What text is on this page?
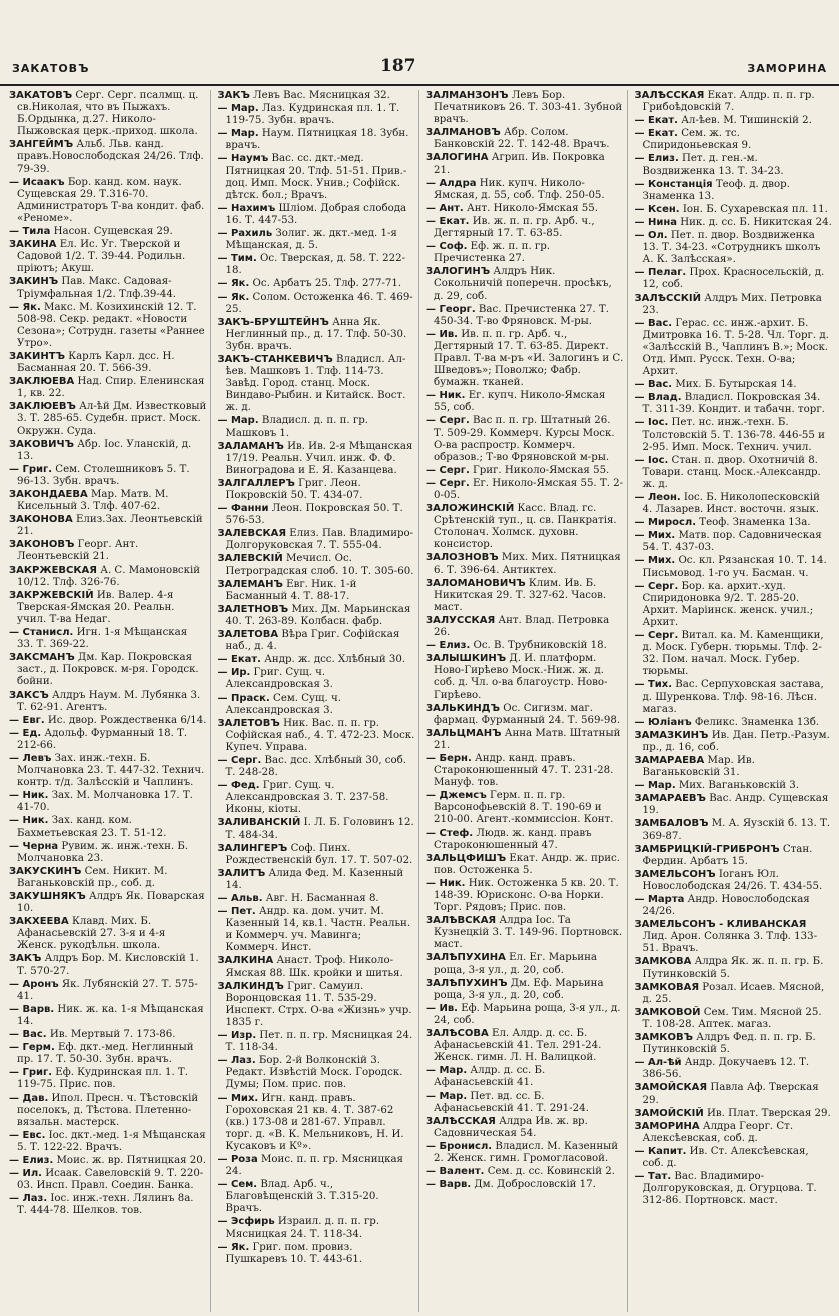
ЗАКАТОВЪ	187	ЗАМОРИНА
ЗАКАТОВЪ Серг. Серг. псалмщ. ц. св.Николая, что въ Пыжахъ. Б.Ордынка, д.27. Николо-Пыжовская церк.-приход. школа.
ЗАНГЕЙМЪ Альб. Льв. канд. правъ.Новослободская 24/26. Тлф. 79-39.
— Исаакъ Бор. канд. ком. наук. Сущевская 29. Т.316-70. Администраторъ Т-ва кондит. фаб. «Реноме».
— Тила Насон. Сущевская 29.
ЗАКИНА Ел. Ис. Уг. Тверской и Садовой 1/2. Т. 39-44. Родильн. пріютъ; Акуш.
ЗАКИНЪ Пав. Макс. Садовая-Тріумфальная 1/2. Тлф.39-44.
— Як. Макс. М. Козихинскій 12. Т. 508-98. Секр. редакт. «Новости Сезона»; Сотрудн. газеты «Раннее Утро».
ЗАКИНТЪ Карлъ Карл. дсс. Н. Басманная 20. Т. 566-39.
ЗАКЛЮЕВА Над. Спир. Еленинская 1, кв. 22.
ЗАКЛЮЕВЪ Ал-ѣй Дм. Известковый 3. Т. 285-65. Судебн. прист. Моск. Окружн. Суда.
ЗАКОВИЧЪ Абр. Іос. Уланскій, д. 13.
— Григ. Сем. Столешниковъ 5. Т. 96-13. Зубн. врачъ.
ЗАКОНДАЕВА Мар. Матв. М. Кисельный 3. Тлф. 407-62.
ЗАКОНОВА Елиз.Зах. Леонтьевскій 21.
ЗАКОНОВЪ Георг. Ант. Леонтьевскій 21.
ЗАКРЖЕВСКАЯ А. С. Мамоновскій 10/12. Тлф. 326-76.
ЗАКРЖЕВСКІЙ Ив. Валер. 4-я Тверская-Ямская 20. Реальн. учил. Т-ва Недаг.
— Станисл. Игн. 1-я Мѣщанская 33. Т. 369-22.
ЗАКСМАНЪ Дм. Кар. Покровская заст., д. Покровск. м-ря. Городск. бойни.
ЗАКСЪ Алдръ Наум. М. Лубянка 3. Т. 62-91. Агентъ.
— Евг. Ис. двор. Рождественка 6/14.
— Ед. Адольф. Фурманный 18. Т. 212-66.
— Левъ Зах. инж.-техн. Б. Молчановка 23. Т. 447-32. Технич. контр. т/д. Залѣсскій и Чаплинъ.
— Ник. Зах. М. Молчановка 17. Т. 41-70.
— Ник. Зах. канд. ком. Бахметьевская 23. Т. 51-12.
— Черна Рувим. ж. инж.-техн. Б. Молчановка 23.
ЗАКУСКИНЪ Сем. Никит. М. Ваганьковскій пр., соб. д.
ЗАКУШНЯКЪ Алдръ Як. Поварская 10.
ЗАКХЕЕВА Клавд. Мих. Б. Афанасьевскій 27. З-я и 4-я Женск. рукодѣльн. школа.
ЗАКЪ Алдръ Бор. М. Кисловскій 1. Т. 570-27.
— Аронъ Як. Лубянскій 27. Т. 575-41.
— Варв. Ник. ж. ка. 1-я Мѣщанская 14.
— Вас. Ив. Мертвый 7. 173-86.
— Герм. Еф. дкт.-мед. Неглинный пр. 17. Т. 50-30. Зубн. врачъ.
— Григ. Еф. Кудринская пл. 1. Т. 119-75. Прис. пов.
— Дав. Ипол. Пресн. ч. Тѣстовскій поселокъ, д. Тѣстова. Плетенно-вязальн. мастерск.
— Евс. Іос. дкт.-мед. 1-я Мѣщанская 5. Т. 122-22. Врачъ.
— Елиз. Моис. ж. вр. Пятницкая 20.
— Ил. Исаак. Савеловскій 9. Т. 220-03. Инсп. Правл. Соедин. Банка.
— Лаз. Іос. инж.-техн. Лялинъ 8а. Т. 444-78. Шелков. тов.
ЗАКЪ Левъ Вас. Мясницкая 32.
— Мар. Лаз. Кудринская пл. 1. Т. 119-75. Зубн. врачъ.
— Мар. Наум. Пятницкая 18. Зубн. врачъ.
— Наумъ Вас. сс. дкт.-мед. Пятницкая 20. Тлф. 51-51. Прив.-доц. Имп. Моск. Унив.; Софійск. дѣтск. бол.; Врачъ.
— Нахимъ Шліом. Добрая слобода 16. Т. 447-53.
— Рахиль Золиг. ж. дкт.-мед. 1-я Мѣщанская, д. 5.
— Тим. Ос. Тверская, д. 58. Т. 222-18.
— Як. Ос. Арбатъ 25. Тлф. 277-71.
— Як. Солом. Остоженка 46. Т. 469-25.
ЗАКЪ-БРУШТЕЙНЪ Анна Як. Неглинный пр., д. 17. Тлф. 50-30. Зубн. врачъ.
ЗАКЪ-СТАНКЕВИЧЪ Владисл. Ал-ѣев. Машковъ 1. Тлф. 114-73. Завѣд. Город. станц. Моск. Виндаво-Рыбин. и Китайск. Вост. ж. д.
— Мар. Владисл. д. п. п. гр. Машковъ 1.
ЗАЛАМАНЪ Ив. Ив. 2-я Мѣщанская 17/19. Реальн. Учил. инж. Ф. Ф. Виноградова и Е. Я. Казанцева.
ЗАЛГАЛЛЕРЪ Григ. Леон. Покровскій 50. Т. 434-07.
— Фанни Леон. Покровская 50. Т. 576-53.
ЗАЛЕВСКАЯ Елиз. Пав. Владимиро-Долгоруковская 7. Т. 555-04.
ЗАЛЕВСКІЙ Мечисл. Ос. Петроградская слоб. 10. Т. 305-60.
ЗАЛЕМАНЪ Евг. Ник. 1-й Басманный 4. Т. 88-17.
ЗАЛЕТНОВЪ Мих. Дм. Марьинская 40. Т. 263-89. Колбасн. фабр.
ЗАЛЕТОВА Вѣра Григ. Софійская наб., д. 4.
— Екат. Андр. ж. дсс. Хлѣбный 30.
— Ир. Григ. Сущ. ч. Александровская 3.
— Праск. Сем. Сущ. ч. Александровская 3.
ЗАЛЕТОВЪ Ник. Вас. п. п. гр. Софійская наб., 4. Т. 472-23. Моск. Купеч. Управа.
— Серг. Вас. дсс. Хлѣбный 30, соб. Т. 248-28.
— Фед. Григ. Сущ. ч. Александровская 3. Т. 237-58. Иконы, кіоты.
ЗАЛИВАНСКІЙ І. Л. Б. Головинъ 12. Т. 484-34.
ЗАЛИНГЕРЪ Соф. Пинх. Рождественскій бул. 17. Т. 507-02.
ЗАЛИТЪ Алида Фед. М. Казенный 14.
— Альв. Авг. Н. Басманная 8.
— Пет. Андр. ка. дом. учит. М. Казенный 14, кв.1. Частн. Реальн. и Коммерч. уч. Мавинга; Коммерч. Инст.
ЗАЛКИНА Анаст. Троф. Николо-Ямская 88. Шк. кройки и шитья.
ЗАЛКИНДЪ Григ. Самуил. Воронцовская 11. Т. 535-29. Инспект. Стрх. О-ва «Жизнь» учр. 1835 г.
— Изр. Пет. п. п. гр. Мясницкая 24. Т. 118-34.
— Лаз. Бор. 2-й Волконскій 3. Редакт. Извѣстій Моск. Городск. Думы; Пом. прис. пов.
— Мих. Игн. канд. правъ. Гороховская 21 кв. 4. Т. 387-62 (кв.) 173-08 и 281-67. Управл. торг. д. «В. К. Мельниковъ, Н. И. Кусаковъ и Кº».
— Роза Моис. п. п. гр. Мясницкая 24.
— Сем. Влад. Арб. ч., Благовѣщенскій 3. Т.315-20. Врачъ.
— Эсфирь Израил. д. п. п. гр. Мясницкая 24. Т. 118-34.
— Як. Григ. пом. провиз. Пушкаревъ 10. Т. 443-61.
ЗАЛМАНЗОНЪ Левъ Бор. Печатниковъ 26. Т. 303-41. Зубной врачъ.
ЗАЛМАНОВЪ Абр. Солом. Банковскій 22. Т. 142-48. Врачъ.
ЗАЛОГИНА Агрип. Ив. Покровка 21.
— Алдра Ник. купч. Николо-Ямская, д. 55, соб. Тлф. 250-05.
— Ант. Ант. Николо-Ямская 55.
— Екат. Ив. ж. п. п. гр. Арб. ч., Дегтярный 17. Т. 63-85.
— Соф. Еф. ж. п. п. гр. Пречистенка 27.
ЗАЛОГИНЪ Алдръ Ник. Сокольничій поперечн. просѣкъ, д. 29, соб.
— Георг. Вас. Пречистенка 27. Т. 450-34. Т-во Фряновск. М-ры.
— Ив. Ив. п. п. гр. Арб. ч., Дегтярный 17. Т. 63-85. Директ. Правл. Т-ва м-ръ «И. Залогинъ и С. Шведовъ»; Поволжо; Фабр. бумажн. тканей.
— Ник. Ег. купч. Николо-Ямская 55, соб.
— Серг. Вас п. п. гр. Штатный 26. Т. 509-29. Коммерч. Курсы Моск. О-ва распростр. Коммерч. образов.; Т-во Фряновской м-ры.
— Серг. Григ. Николо-Ямская 55.
— Серг. Ег. Николо-Ямская 55. Т. 2-0-05.
ЗАЛОЖИНСКІЙ Касс. Влад. гс. Срѣтенскій туп., ц. св. Панкратія. Столонач. Холмск. духовн. консистор.
ЗАЛОЗНОВЪ Мих. Мих. Пятницкая 6. Т. 396-64. Антиктех.
ЗАЛОМАНОВИЧЪ Клим. Ив. Б. Никитская 29. Т. 327-62. Часов. маст.
ЗАЛУССКАЯ Ант. Влад. Петровка 26.
— Елиз. Ос. В. Трубниковскій 18.
ЗАЛЫШКИНЪ Д. И. платформ. Ново-Гирѣево Моск.-Ниж. ж. д. соб. д. Чл. о-ва благоустр. Ново-Гирѣево.
ЗАЛЬКИНДЪ Ос. Сигизм. маг. фармац. Фурманный 24. Т. 569-98.
ЗАЛЬЦМАНЪ Анна Матв. Штатный 21.
— Берн. Андр. канд. правъ. Староконюшенный 47. Т. 231-28. Мануф. тов.
— Джемсъ Герм. п. п. гр. Варсонофьевскій 8. Т. 190-69 и 210-00. Агент.-коммиссіон. Конт.
— Стеф. Людв. ж. канд. правъ Староконюшенный 47.
ЗАЛЬЦФИШЪ Екат. Андр. ж. прис. пов. Остоженка 5.
— Ник. Ник. Остоженка 5 кв. 20. Т. 148-39. Юрисконс. О-ва Норки. Торг. Рядовъ; Прис. пов.
ЗАЛѢВСКАЯ Алдра Іос. Та Кузнецкій 3. Т. 149-96. Портновск. маст.
ЗАЛѢПУХИНА Ел. Ег. Марьина роща, 3-я ул., д. 20, соб.
ЗАЛѢПУХИНЪ Дм. Еф. Марьина роща, 3-я ул., д. 20, соб.
— Ив. Еф. Марьина роща, 3-я ул., д. 24, соб.
ЗАЛѢСОВА Ел. Алдр. д. сс. Б. Афанасьевскій 41. Тел. 291-24. Женск. гимн. Л. Н. Валицкой.
— Мар. Алдр. д. сс. Б. Афанасьевскій 41.
— Мар. Пет. вд. сс. Б. Афанасьевскій 41. Т. 291-24.
ЗАЛѢССКАЯ Алдра Ив. ж. вр. Садовническая 54.
— Бронисл. Владисл. М. Казенный 2. Женск. гимн. Громогласовой.
— Валент. Сем. д. сс. Ковинскій 2.
— Варв. Дм. Добрословскій 17.
ЗАЛѢССКАЯ Екат. Алдр. п. п. гр. Грибоѣдовскій 7.
— Екат. Ал-ѣев. М. Тишинскій 2.
— Екат. Сем. ж. тс. Спиридоньевская 9.
— Елиз. Пет. д. ген.-м. Воздвиженка 13. Т. 34-23.
— Констанція Теоф. д. двор. Знаменка 13.
— Ксен. Іон. Б. Сухаревская пл. 11.
— Нина Ник. д. сс. Б. Никитская 24.
— Ол. Пет. п. двор. Воздвиженка 13. Т. 34-23. «Сотрудникъ школъ А. К. Залѣсская».
— Пелаг. Прох. Красносельскій, д. 12, соб.
ЗАЛѢССКІЙ Алдръ Мих. Петровка 23.
— Вас. Герас. сс. инж.-архит. Б. Дмитровка 16. Т. 5-28. Чл. Торг. д. «Залѣсскій В., Чаплинъ В.»; Моск. Отд. Имп. Русск. Техн. О-ва; Архит.
— Вас. Мих. Б. Бутырская 14.
— Влад. Владисл. Покровская 34. Т. 311-39. Кондит. и табачн. торг.
— Іос. Пет. нс. инж.-техн. Б. Толстовскій 5. Т. 136-78. 446-55 и 2-95. Имп. Моск. Технич. учил.
— Іос. Стан. п. двор. Охотничій 8. Товари. станц. Моск.-Александр. ж. д.
— Леон. Іос. Б. Николопесковскій 4. Лазарев. Инст. восточн. язык.
— Миросл. Теоф. Знаменка 13а.
— Мих. Матв. пор. Садовническая 54. Т. 437-03.
— Мих. Ос. кл. Рязанская 10. Т. 14. Письмовод. 1-го уч. Басман. ч.
— Серг. Бор. ка. архит.-худ. Спиридоновка 9/2. Т. 285-20. Архит. Маріинск. женск. учил.; Архит.
— Серг. Витал. ка. М. Каменщики, д. Моск. Губерн. тюрьмы. Тлф. 2-32. Пом. начал. Моск. Губер. тюрьмы.
— Тих. Вас. Серпуховская застава, д. Шуренкова. Тлф. 98-16. Лѣсн. магаз.
— Юліанъ Феликс. Знаменка 13б.
ЗАМАЗКИНЪ Ив. Дан. Петр.-Разум. пр., д. 16, соб.
ЗАМАРАЕВА Мар. Ив. Ваганьковскій 31.
— Мар. Мих. Ваганьковскій 3.
ЗАМАРАЕВЪ Вас. Андр. Сущевская 19.
ЗАМБАЛОВЪ М. А. Яузскій б. 13. Т. 369-87.
ЗАМБРИЦКІЙ-ГРИБРОНЪ Стан. Фердин. Арбатъ 15.
ЗАМЕЛЬСОНЪ Іоганъ Юл. Новослободская 24/26. Т. 434-55.
— Марта Андр. Новослободская 24/26.
ЗАМЕЛЬСОНЪ - КЛИВАНСКАЯ Лид. Арон. Солянка 3. Тлф. 133-51. Врачъ.
ЗАМКОВА Алдра Як. ж. п. п. гр. Б. Путинковскій 5.
ЗАМКОВАЯ Розал. Исаев. Мясной, д. 25.
ЗАМКОВОЙ Сем. Тим. Мясной 25. Т. 108-28. Аптек. магаз.
ЗАМКОВЪ Алдръ Фед. п. п. гр. Б. Путинковскій 5.
— Ал-ѣй Андр. Докучаевъ 12. Т. 386-56.
ЗАМОЙСКАЯ Павла Аф. Тверская 29.
ЗАМОЙСКІЙ Ив. Плат. Тверская 29.
ЗАМОРИНА Алдра Георг. Ст. Алексѣевская, соб. д.
— Капит. Ив. Ст. Алексѣевская, соб. д.
— Тат. Вас. Владимиро-Долгоруковская, д. Огурцова. Т. 312-86. Портновск. маст.
